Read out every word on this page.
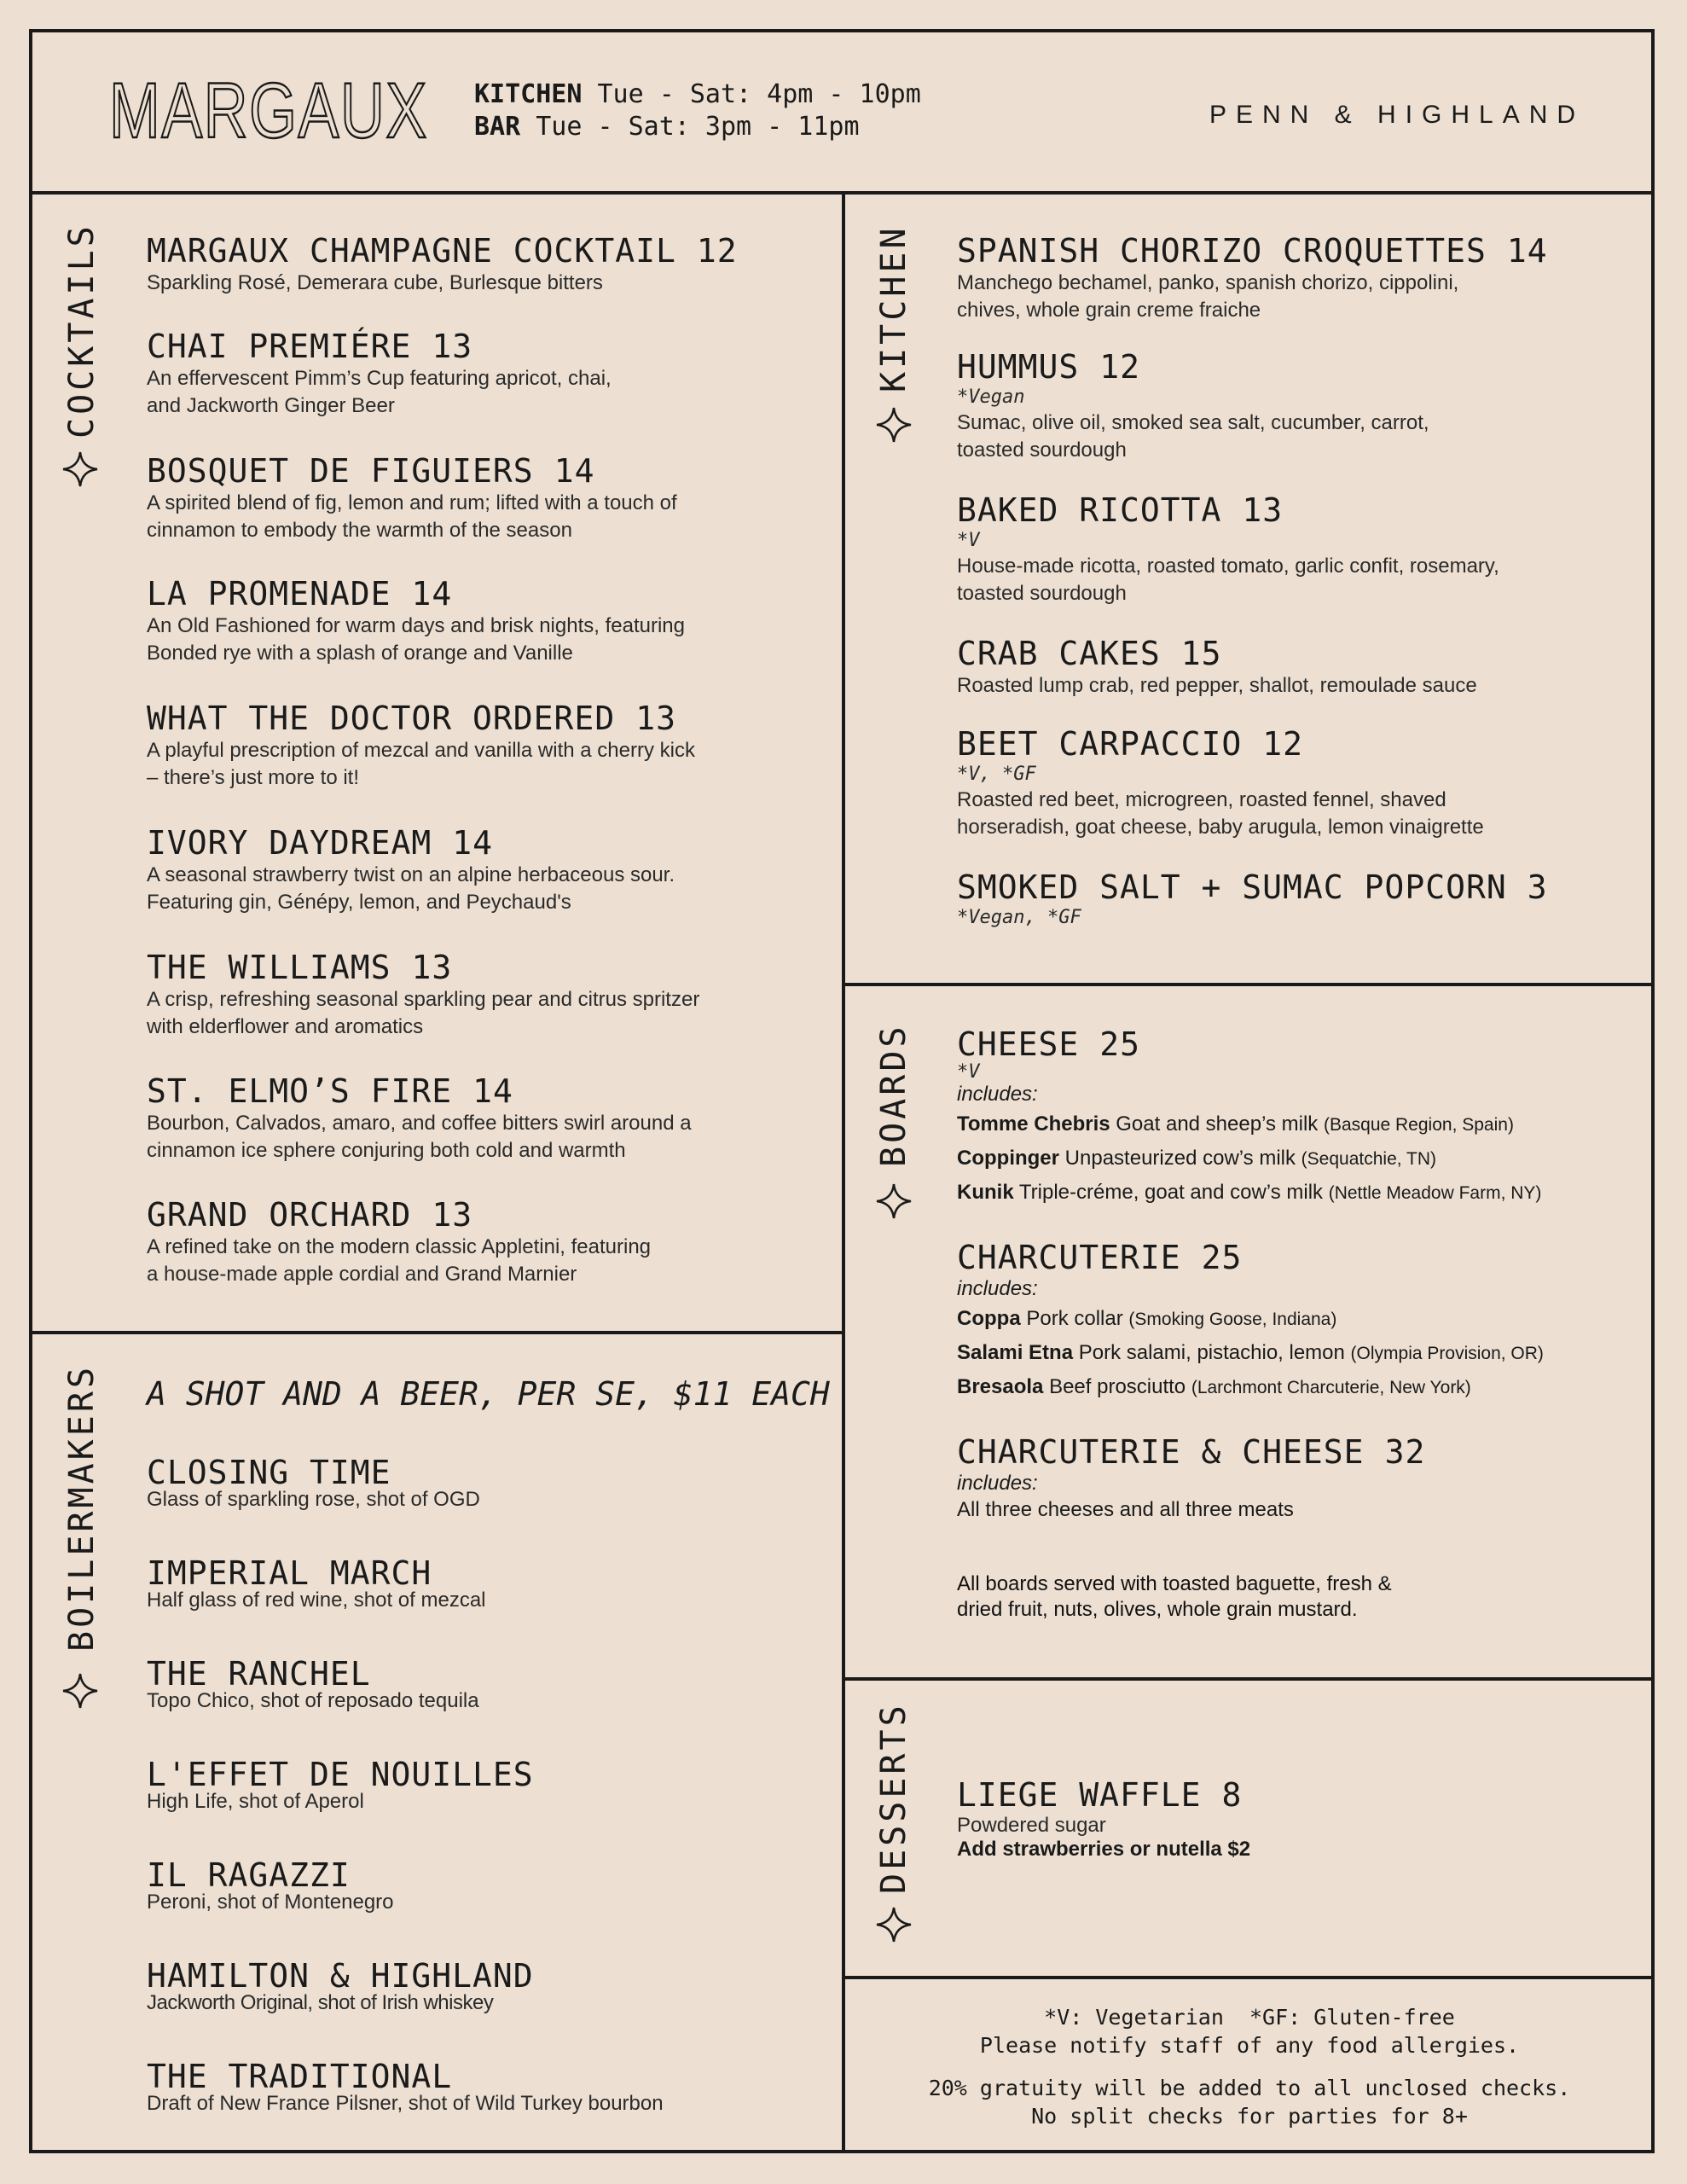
MARGAUX KITCHEN Tue - Sat: 4pm - 10pm
BAR Tue - Sat: 3pm - 11pm	PENN & HIGHLAND
COCKTAILS	KITCHEN
BOILERMAKERS
BOARDS
DESSERTS
MARGAUX CHAMPAGNE COCKTAIL 12
Sparkling Rosé, Demerara cube, Burlesque bitters
CHAI PREMIÉRE 13
An effervescent Pimm’s Cup featuring apricot, chai,
and Jackworth Ginger Beer
BOSQUET DE FIGUIERS 14
A spirited blend of fig, lemon and rum; lifted with a touch of
cinnamon to embody the warmth of the season
LA PROMENADE 14
An Old Fashioned for warm days and brisk nights, featuring
Bonded rye with a splash of orange and Vanille
WHAT THE DOCTOR ORDERED 13
A playful prescription of mezcal and vanilla with a cherry kick
– there’s just more to it!
IVORY DAYDREAM 14
A seasonal strawberry twist on an alpine herbaceous sour.
Featuring gin, Génépy, lemon, and Peychaud's
THE WILLIAMS 13
A crisp, refreshing seasonal sparkling pear and citrus spritzer
with elderflower and aromatics
ST. ELMO’S FIRE 14
Bourbon, Calvados, amaro, and coffee bitters swirl around a
cinnamon ice sphere conjuring both cold and warmth
GRAND ORCHARD 13
A refined take on the modern classic Appletini, featuring
a house-made apple cordial and Grand Marnier
A SHOT AND A BEER, PER SE, $11 EACH
CLOSING TIME
Glass of sparkling rose, shot of OGD
IMPERIAL MARCH
Half glass of red wine, shot of mezcal
THE RANCHEL
Topo Chico, shot of reposado tequila
L'EFFET DE NOUILLES
High Life, shot of Aperol
IL RAGAZZI
Peroni, shot of Montenegro
HAMILTON & HIGHLAND
Jackworth Original, shot of Irish whiskey
THE TRADITIONAL
Draft of New France Pilsner, shot of Wild Turkey bourbon
SPANISH CHORIZO CROQUETTES 14
Manchego bechamel, panko, spanish chorizo, cippolini,
chives, whole grain creme fraiche
HUMMUS 12
*Vegan
Sumac, olive oil, smoked sea salt, cucumber, carrot,
toasted sourdough
BAKED RICOTTA 13
*V
House-made ricotta, roasted tomato, garlic confit, rosemary,
toasted sourdough
CRAB CAKES 15
Roasted lump crab, red pepper, shallot, remoulade sauce
BEET CARPACCIO 12
*V, *GF
Roasted red beet, microgreen, roasted fennel, shaved
horseradish, goat cheese, baby arugula, lemon vinaigrette
SMOKED SALT + SUMAC POPCORN 3
*Vegan, *GF
CHEESE 25
*V
includes:
Tomme Chebris Goat and sheep’s milk (Basque Region, Spain)
Coppinger Unpasteurized cow’s milk (Sequatchie, TN)
Kunik Triple-créme, goat and cow’s milk (Nettle Meadow Farm, NY)
CHARCUTERIE 25
includes:
Coppa Pork collar (Smoking Goose, Indiana)
Salami Etna Pork salami, pistachio, lemon (Olympia Provision, OR)
Bresaola Beef prosciutto (Larchmont Charcuterie, New York)
CHARCUTERIE & CHEESE 32
includes:
All three cheeses and all three meats
All boards served with toasted baguette, fresh &
dried fruit, nuts, olives, whole grain mustard.
LIEGE WAFFLE 8
Powdered sugar
Add strawberries or nutella $2
*V: Vegetarian  *GF: Gluten-free
Please notify staff of any food allergies.
20% gratuity will be added to all unclosed checks.
No split checks for parties for 8+
